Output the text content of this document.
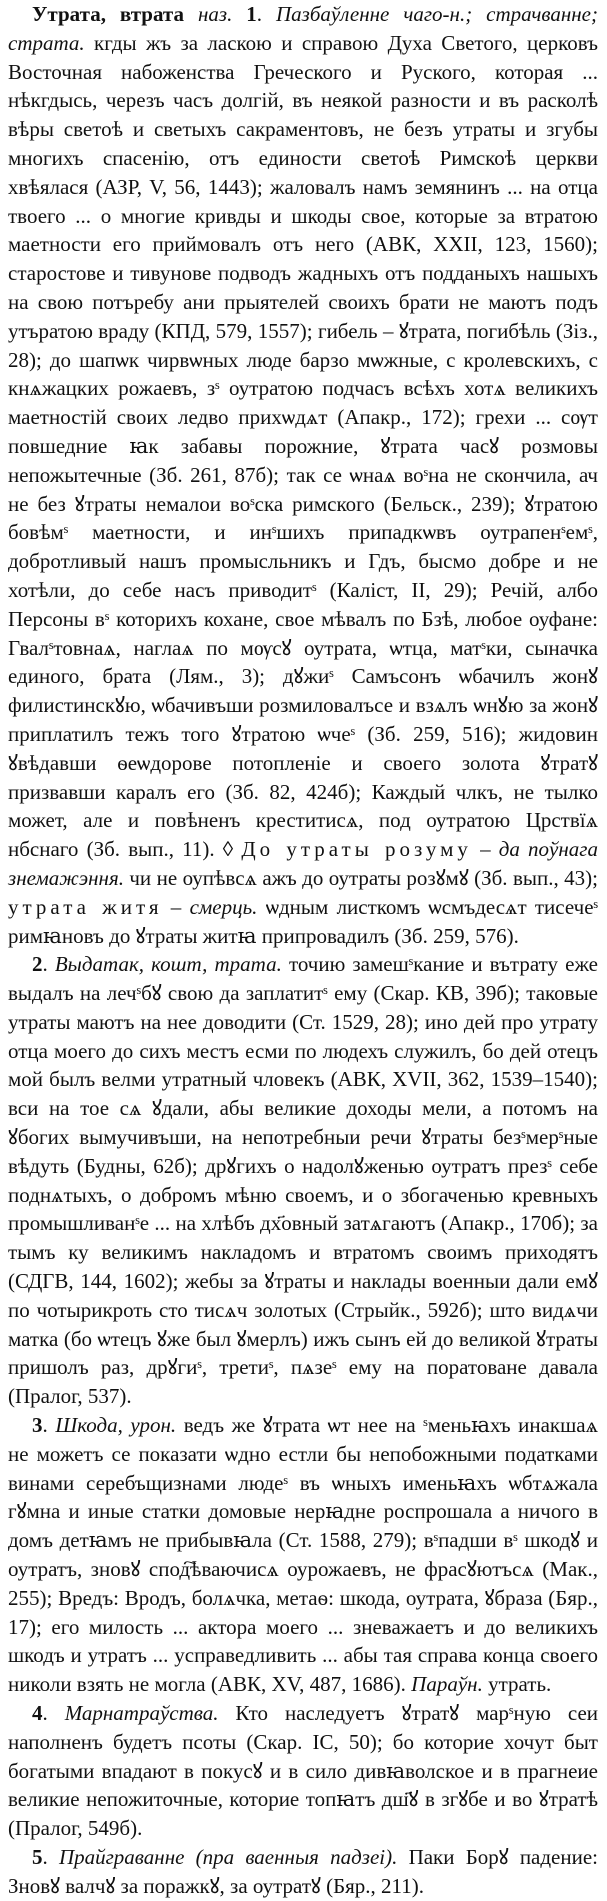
Утрата, втрата наз. 1. Пазбаўленне чаго-н.; страчванне; страта. кгды жъ за ласкою и справою Духа Светого, церковъ Восточная набоженства Греческого и Руского, которая ... нѣкгдысь, черезъ часъ долгій, въ неякой разности и въ расколѣ вѣры светоѣ и светыхъ сакраментовъ, не безъ утраты и згубы многихъ спасенію, отъ единости светоѣ Римскоѣ церкви хвѣялася (АЗР, V, 56, 1443); жаловалъ намъ земянинъ ... на отца твоего ... о многие кривды и шкоды свое, которые за втратою маетности его приймовалъ отъ него (АВК, XXII, 123, 1560); старостове и тивунове подводъ жадныхъ отъ подданыхъ нашыхъ на свою потъребу ани прыятелей своихъ брати не маютъ подъ утъратою враду (КПД, 579, 1557); гибель – ꙋтрата, погибѣль (Зіз., 28); до шапѡк чирвѡных люде барзо мѡжные, с кролевскихъ, с кнѧжацких рожаевъ, зˢ оутратою подчасъ всѣхъ хотѧ великихъ маетностій своих ледво прихѡдѧт (Апакр., 172); грехи ... сѹт повшедние ꙗк забавы порожние, ꙋтрата часꙋ розмовы непожытечные (Зб. 261, 87б); так се ѡнаѧ воˢна не скончила, ач не без ꙋтраты немалои воˢска римского (Бельск., 239); ꙋтратою бовѣмˢ маетности, и инˢшихъ припадкѡвъ оутрапенˢемˢ, добротливый нашъ промысльникъ и Гдъ, бысмо добре и не хотѣли, до себе насъ приводитˢ (Каліст, II, 29); Речій, албо Персоны вˢ которихъ кохане, свое мѣвалъ по Бзѣ, любое оуфане: Гвалˢтовнаѧ, наглаѧ по мѹсꙋ оутрата, ѡтца, матˢки, сыначка единого, брата (Лям., 3); дꙋжиˢ Самъсонъ ѡбачилъ жонꙋ филистинскꙋю, ѡбачивъши розмиловалъсе и взѧлъ ѡнꙋю за жонꙋ приплатилъ тежъ того ꙋтратою ѡчеˢ (Зб. 259, 516); жидовин ꙋвѣдавши ѳеѡдорове потопленіе и своего золота ꙋтратꙋ призвавши каралъ его (Зб. 82, 424б); Каждый члкъ, не тылко может, але и повѣненъ креститисѧ, под оутратою Црствїѧ нбснаго (Зб. вып., 11). ◊ До утраты розуму – да поўнага знемажэння. чи не оупѣвсѧ ажъ до оутраты розꙋмꙋ (Зб. вып., 43); утрата житя – смерць. ѡдным листкомъ ѡсмъдесѧт тисечеˢ римꙗновъ до ꙋтраты житꙗ припровадилъ (Зб. 259, 576).

2. Выдатак, кошт, трата. точию замешˢкание и вътрату еже выдалъ на лечˢбꙋ свою да заплатитˢ ему (Скар. КВ, 39б); таковые утраты маютъ на нее доводити (Ст. 1529, 28); ино дей про утрату отца моего до сихъ местъ есми по людехъ служилъ, бо дей отецъ мой былъ велми утратный чловекъ (АВК, XVII, 362, 1539–1540); вси на тое сѧ ꙋдали, абы великие доходы мели, а потомъ на ꙋбогих вымучивъши, на непотребныи речи ꙋтраты безˢмерˢные вѣдуть (Будны, 62б); дрꙋгихъ о надолꙋженью оутратъ презˢ себе поднѧтыхъ, о добромъ мѣню своемъ, и о збогаченью кревныхъ промышливанˢе ... на хлѣбъ дх҃овный затѧгаютъ (Апакр., 170б); за тымъ ку великимъ накладомъ и втратомъ своимъ приходятъ (СДГВ, 144, 1602); жебы за ꙋтраты и наклады военныи дали емꙋ по чотырикроть сто тисѧч золотых (Стрыйк., 592б); што видѧчи матка (бо ѡтецъ ꙋже был ꙋмерлъ) ижъ сынъ ей до великой ꙋтраты пришолъ раз, дрꙋгиˢ, третиˢ, пѧзеˢ ему на поратоване давала (Пралог, 537).

3. Шкода, урон. ведъ же ꙋтрата ѡт нее на ˢменьꙗхъ инакшаѧ не можетъ се показати ѡдно естли бы непобожными податками винами серебъщизнами людеˢ въ ѡныхъ именьꙗхъ ѡбтѧжала гꙋмна и иные статки домовые нерꙗдне роспрошала а ничого в домъ детꙗмъ не прибывꙗла (Ст. 1588, 279); вˢпадши вˢ шкодꙋ и оутратъ, зновꙋ спод҇ѣваючисѧ оурожаевъ, не фрасꙋютъсѧ (Мак., 255); Вредъ: Вродъ, болѧчка, метаѳ: шкода, оутрата, ꙋбраза (Бяр., 17); его милость ... актора моего ... зневажаетъ и до великихъ шкодъ и утратъ ... усправедливить ... абы тая справа конца своего николи взять не могла (АВК, XV, 487, 1686). Параўн. утрать.

4. Марнатраўства. Кто наследуетъ ꙋтратꙋ марˢную сеи наполненъ будетъ псоты (Скар. ІС, 50); бо которие хочут быт богатыми впадают в покусꙋ и в сило дивꙗволское и в прагнеие великие непожиточные, которие топꙗтъ дш҃ꙋ в згꙋбе и во ꙋтратѣ (Пралог, 549б).

5. Прайграванне (пра ваенныя падзеі). Паки Борꙋ падение: Зновꙋ валчꙋ за поражкꙋ, за оутратꙋ (Бяр., 211).
